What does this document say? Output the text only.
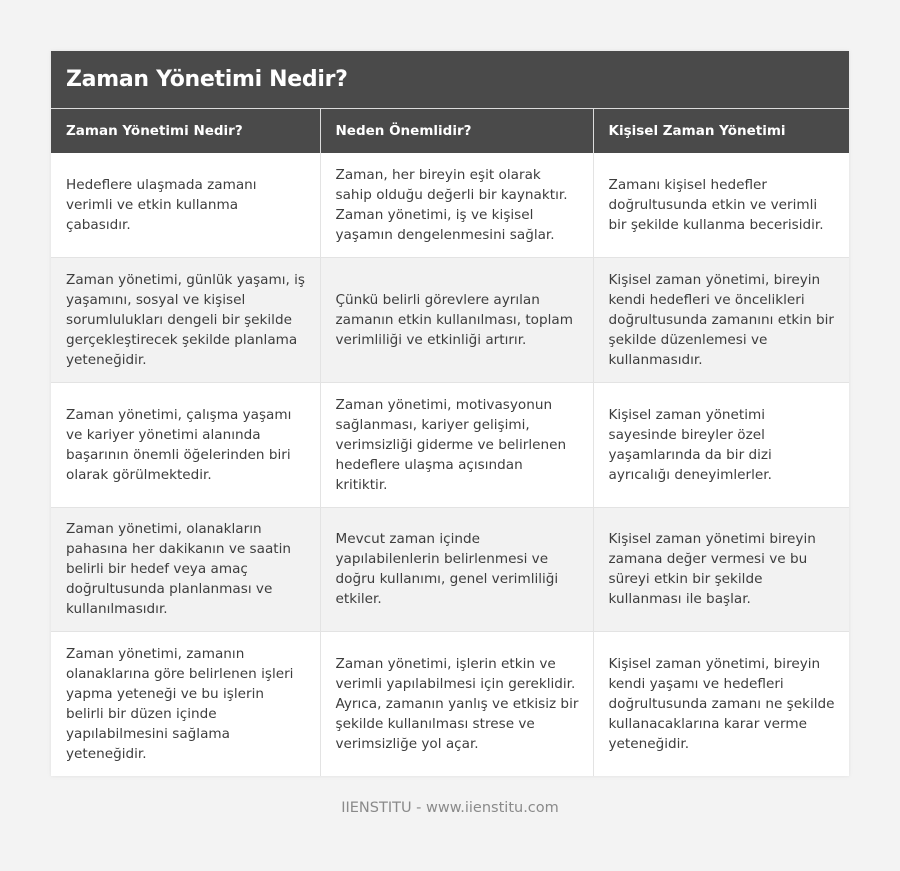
Zaman Yönetimi Nedir?
Zaman Yönetimi Nedir?	Neden Önemlidir?	Kişisel Zaman Yönetimi
Hedeflere ulaşmada zamanı verimli ve etkin kullanma çabasıdır.	Zaman, her bireyin eşit olarak sahip olduğu değerli bir kaynaktır. Zaman yönetimi, iş ve kişisel yaşamın dengelenmesini sağlar.	Zamanı kişisel hedefler doğrultusunda etkin ve verimli bir şekilde kullanma becerisidir.
Zaman yönetimi, günlük yaşamı, iş yaşamını, sosyal ve kişisel sorumlulukları dengeli bir şekilde gerçekleştirecek şekilde planlama yeteneğidir.	Çünkü belirli görevlere ayrılan zamanın etkin kullanılması, toplam verimliliği ve etkinliği artırır.	Kişisel zaman yönetimi, bireyin kendi hedefleri ve öncelikleri doğrultusunda zamanını etkin bir şekilde düzenlemesi ve kullanmasıdır.
Zaman yönetimi, çalışma yaşamı ve kariyer yönetimi alanında başarının önemli öğelerinden biri olarak görülmektedir.	Zaman yönetimi, motivasyonun sağlanması, kariyer gelişimi, verimsizliği giderme ve belirlenen hedeflere ulaşma açısından kritiktir.	Kişisel zaman yönetimi sayesinde bireyler özel yaşamlarında da bir dizi ayrıcalığı deneyimlerler.
Zaman yönetimi, olanakların pahasına her dakikanın ve saatin belirli bir hedef veya amaç doğrultusunda planlanması ve kullanılmasıdır.	Mevcut zaman içinde yapılabilenlerin belirlenmesi ve doğru kullanımı, genel verimliliği etkiler.	Kişisel zaman yönetimi bireyin zamana değer vermesi ve bu süreyi etkin bir şekilde kullanması ile başlar.
Zaman yönetimi, zamanın olanaklarına göre belirlenen işleri yapma yeteneği ve bu işlerin belirli bir düzen içinde yapılabilmesini sağlama yeteneğidir.	Zaman yönetimi, işlerin etkin ve verimli yapılabilmesi için gereklidir. Ayrıca, zamanın yanlış ve etkisiz bir şekilde kullanılması strese ve verimsizliğe yol açar.	Kişisel zaman yönetimi, bireyin kendi yaşamı ve hedefleri doğrultusunda zamanı ne şekilde kullanacaklarına karar verme yeteneğidir.
IIENSTITU - www.iienstitu.com
